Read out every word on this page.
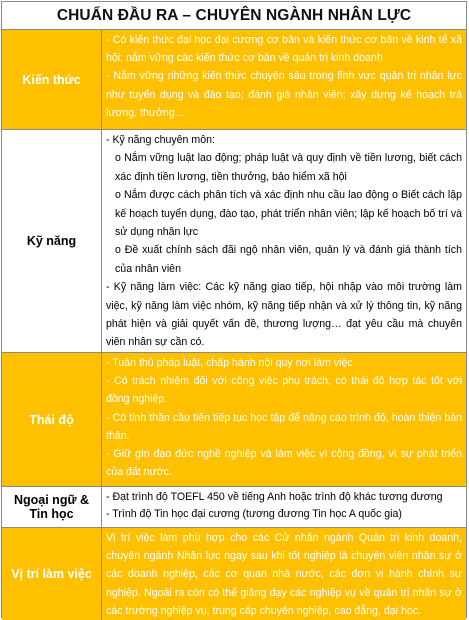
CHUẨN ĐẦU RA – CHUYÊN NGÀNH NHÂN LỰC
Kiến thức

- Có kiến thức đại học đại cương cơ bản và kiến thức cơ bản về kinh tế xã hội; nắm vững các kiến thức cơ bản về quản trị kinh doanh

- Nắm vững những kiến thức chuyên sâu trong lĩnh vực quản trị nhân lực như tuyển dụng và đào tạo; đánh giá nhân viên; xây dựng kế hoạch trả lương, thưởng...

Kỹ năng

- Kỹ năng chuyên môn:

o Nắm vững luật lao động; pháp luật và quy định về tiền lương, biết cách xác định tiền lương, tiền thưởng, bảo hiểm xã hội

o Nắm được cách phân tích và xác định nhu cầu lao động o Biết cách lập kế hoạch tuyển dụng, đào tạo, phát triển nhân viên; lập kế hoạch bố trí và sử dụng nhân lực

o Đề xuất chính sách đãi ngộ nhân viên, quản lý và đánh giá thành tích của nhân viên

- Kỹ năng làm việc: Các kỹ năng giao tiếp, hội nhập vào môi trường làm việc, kỹ năng làm việc nhóm, kỹ năng tiếp nhận và xử lý thông tin, kỹ năng phát hiện và giải quyết vấn đề, thương lượng… đạt yêu cầu mà chuyên viên nhân sự cần có.

Thái độ

- Tuân thủ pháp luật, chấp hành nội quy nơi làm việc

- Có trách nhiệm đối với công việc phụ trách, có thái độ hợp tác tốt với đồng nghiệp.

- Có tinh thần cầu tiến tiếp tục học tập để nâng cao trình độ, hoàn thiện bản thân.

- Giữ gìn đạo đức nghề nghiệp và làm việc vì cộng đồng, vì sự phát triển của đất nước.

Ngoại ngữ & Tin học

- Đạt trình độ TOEFL 450 về tiếng Anh hoặc trình độ khác tương đương

- Trình độ Tin học đại cương (tương đương Tin học A quốc gia)

Vị trí làm việc

Vị trí việc làm phù hợp cho các Cử nhân ngành Quản trị kinh doanh, chuyên ngành Nhân lực ngay sau khi tốt nghiệp là chuyên viên nhân sự ở các doanh nghiệp, các cơ quan nhà nước, các đơn vị hành chính sự nghiệp. Ngoài ra còn có thể giảng dạy các nghiệp vụ về quản trị nhân sự ở các trường nghiệp vụ, trung cấp chuyên nghiệp, cao đẳng, đại học.
